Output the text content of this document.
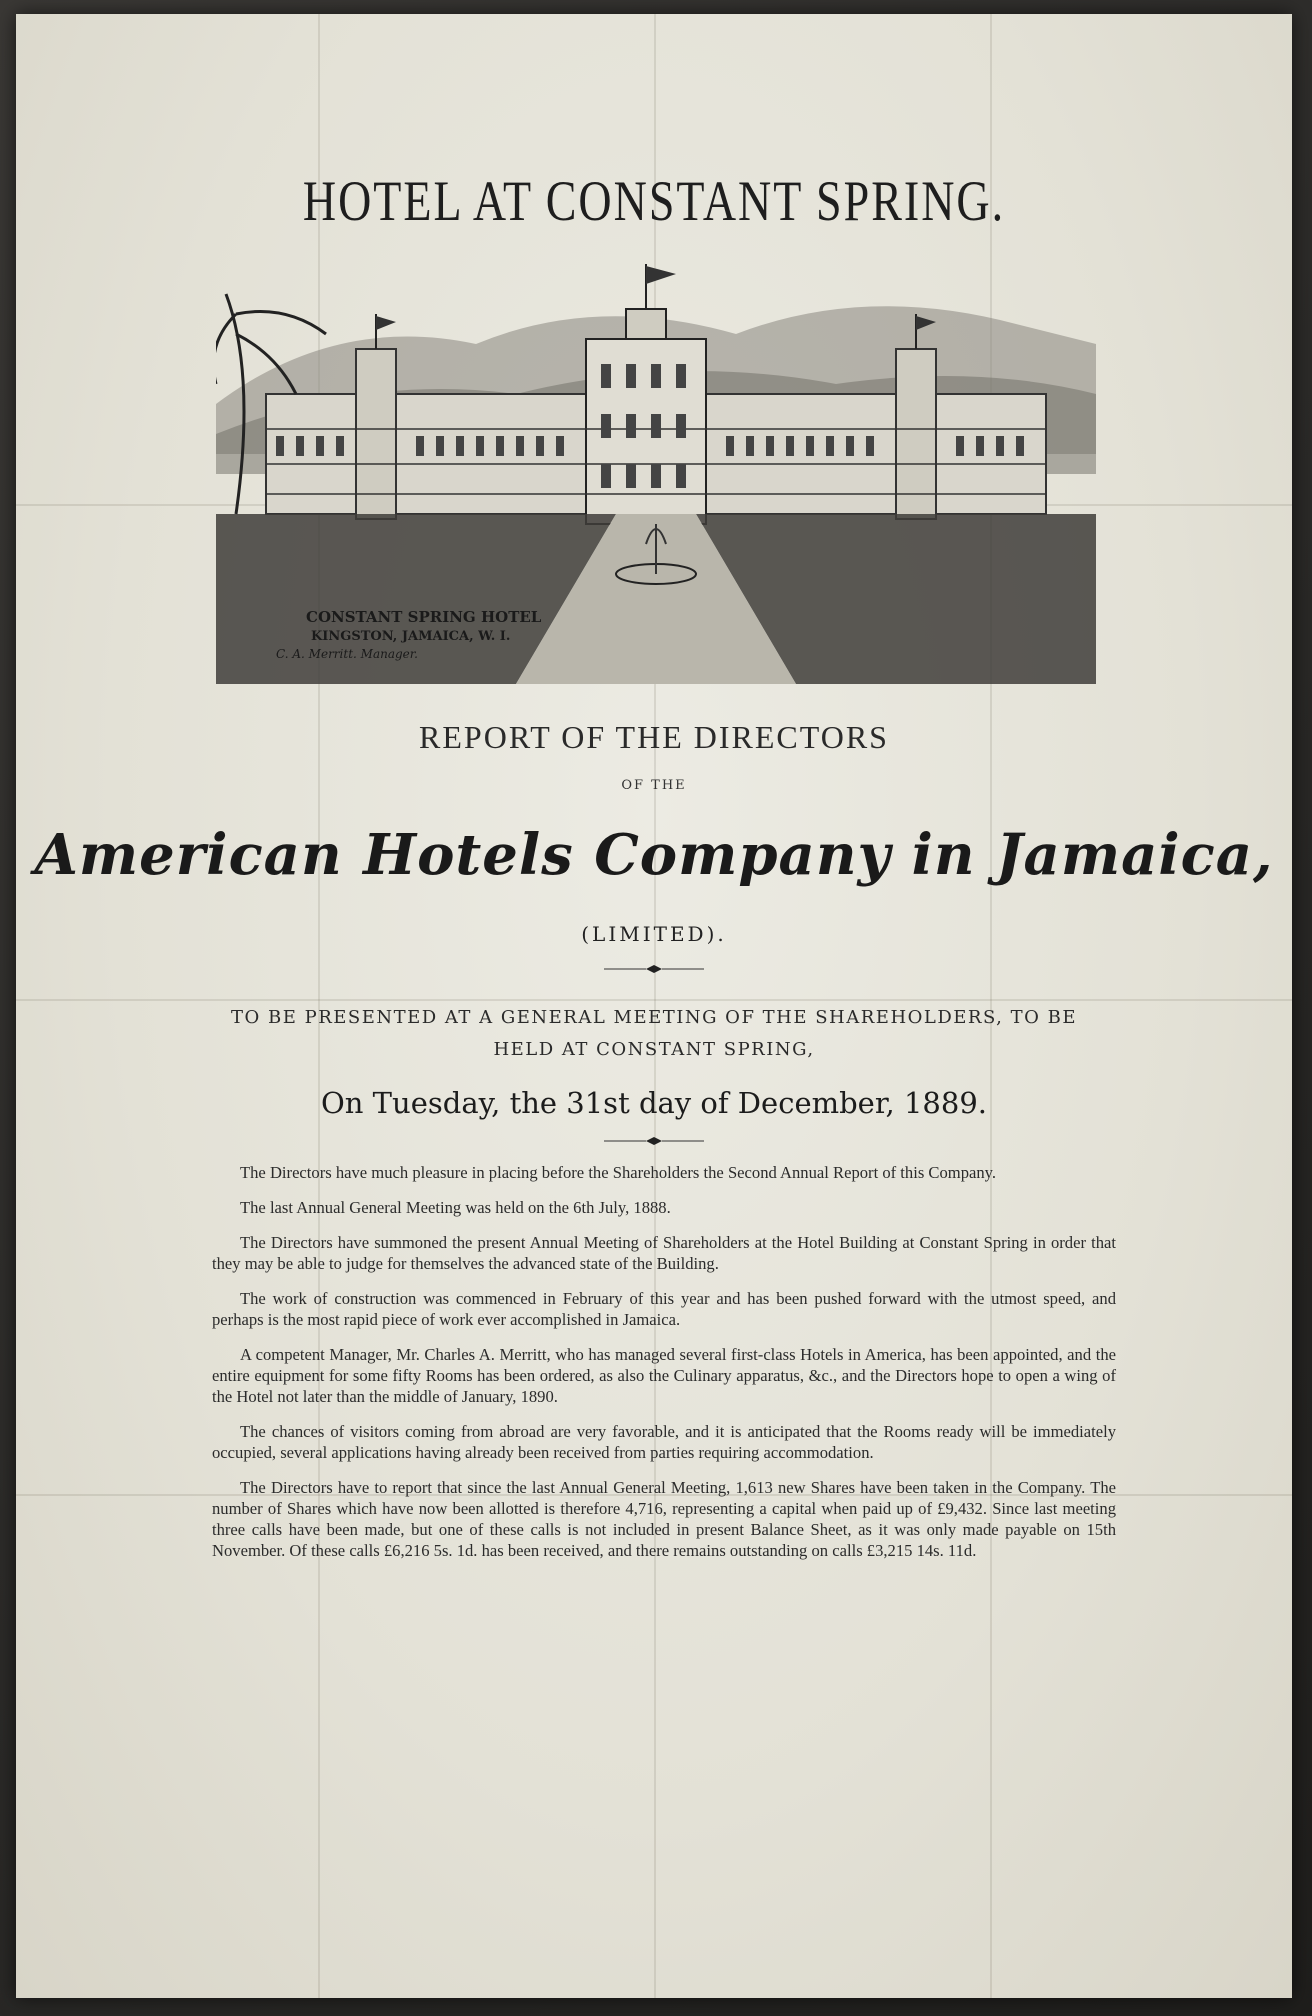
HOTEL AT CONSTANT SPRING.
CONSTANT SPRING HOTEL
KINGSTON, JAMAICA, W. I.
C. A. Merritt. Manager.
REPORT OF THE DIRECTORS
OF THE
American Hotels Company in Jamaica,
(LIMITED).
TO BE PRESENTED AT A GENERAL MEETING OF THE SHAREHOLDERS, TO BE
HELD AT CONSTANT SPRING,
On Tuesday, the 31st day of December, 1889.

The Directors have much pleasure in placing before the Shareholders the Second Annual Report of this Company.

The last Annual General Meeting was held on the 6th July, 1888.

The Directors have summoned the present Annual Meeting of Shareholders at the Hotel Building at Constant Spring in order that they may be able to judge for themselves the advanced state of the Building.

The work of construction was commenced in February of this year and has been pushed forward with the utmost speed, and perhaps is the most rapid piece of work ever accomplished in Jamaica.

A competent Manager, Mr. Charles A. Merritt, who has managed several first-class Hotels in America, has been appointed, and the entire equipment for some fifty Rooms has been ordered, as also the Culinary apparatus, &c., and the Directors hope to open a wing of the Hotel not later than the middle of January, 1890.

The chances of visitors coming from abroad are very favorable, and it is anticipated that the Rooms ready will be immediately occupied, several applications having already been received from parties requiring accommodation.

The Directors have to report that since the last Annual General Meeting, 1,613 new Shares have been taken in the Company. The number of Shares which have now been allotted is therefore 4,716, representing a capital when paid up of £9,432. Since last meeting three calls have been made, but one of these calls is not included in present Balance Sheet, as it was only made payable on 15th November. Of these calls £6,216 5s. 1d. has been received, and there remains outstanding on calls £3,215 14s. 11d.
